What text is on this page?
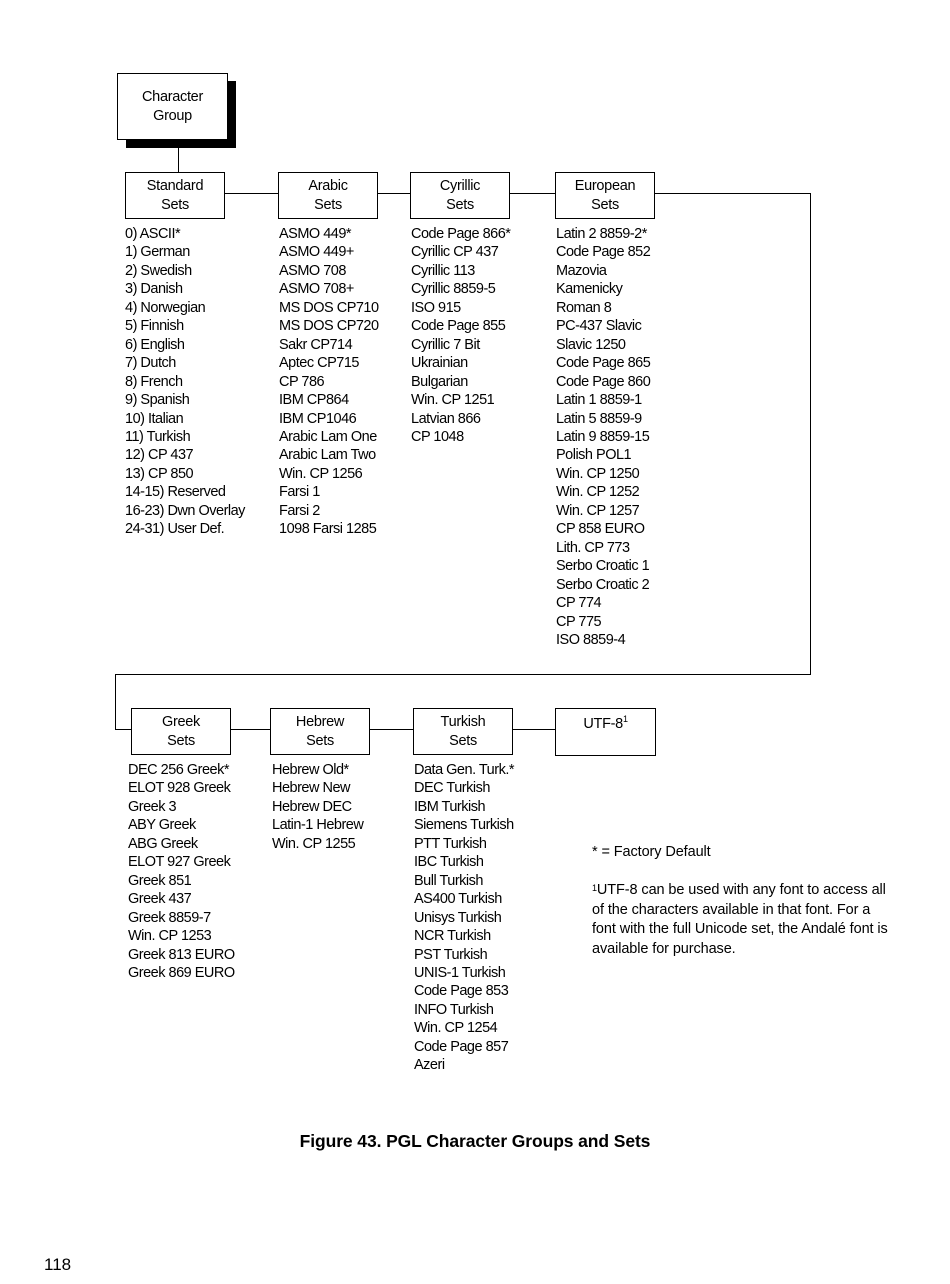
Character
Group
Standard
Sets
Arabic
Sets
Cyrillic
Sets
European
Sets
0) ASCII*
1) German
2) Swedish
3) Danish
4) Norwegian
5) Finnish
6) English
7) Dutch
8) French
9) Spanish
10) Italian
11) Turkish
12) CP 437
13) CP 850
14-15) Reserved
16-23) Dwn Overlay
24-31) User Def.
ASMO 449*
ASMO 449+
ASMO 708
ASMO 708+
MS DOS CP710
MS DOS CP720
Sakr CP714
Aptec CP715
CP 786
IBM CP864
IBM CP1046
Arabic Lam One
Arabic Lam Two
Win. CP 1256
Farsi 1
Farsi 2
1098 Farsi 1285
Code Page 866*
Cyrillic CP 437
Cyrillic 113
Cyrillic 8859-5
ISO 915
Code Page 855
Cyrillic 7 Bit
Ukrainian
Bulgarian
Win. CP 1251
Latvian 866
CP 1048
Latin 2 8859-2*
Code Page 852
Mazovia
Kamenicky
Roman 8
PC-437 Slavic
Slavic 1250
Code Page 865
Code Page 860
Latin 1 8859-1
Latin 5 8859-9
Latin 9 8859-15
Polish POL1
Win. CP 1250
Win. CP 1252
Win. CP 1257
CP 858 EURO
Lith. CP 773
Serbo Croatic 1
Serbo Croatic 2
CP 774
CP 775
ISO 8859-4
Greek
Sets
Hebrew
Sets
Turkish
Sets
UTF-$8^1$
DEC 256 Greek*
ELOT 928 Greek
Greek 3
ABY Greek
ABG Greek
ELOT 927 Greek
Greek 851
Greek 437
Greek 8859-7
Win. CP 1253
Greek 813 EURO
Greek 869 EURO
Hebrew Old*
Hebrew New
Hebrew DEC
Latin-1 Hebrew
Win. CP 1255
Data Gen. Turk.*
DEC Turkish
IBM Turkish
Siemens Turkish
PTT Turkish
IBC Turkish
Bull Turkish
AS400 Turkish
Unisys Turkish
NCR Turkish
PST Turkish
UNIS-1 Turkish
Code Page 853
INFO Turkish
Win. CP 1254
Code Page 857
Azeri
* = Factory Default
$^1$UTF-8 can be used with any font to access all
of the characters available in that font. For a
font with the full Unicode set, the Andalé font is
available for purchase.
Figure 43. PGL Character Groups and Sets
118
